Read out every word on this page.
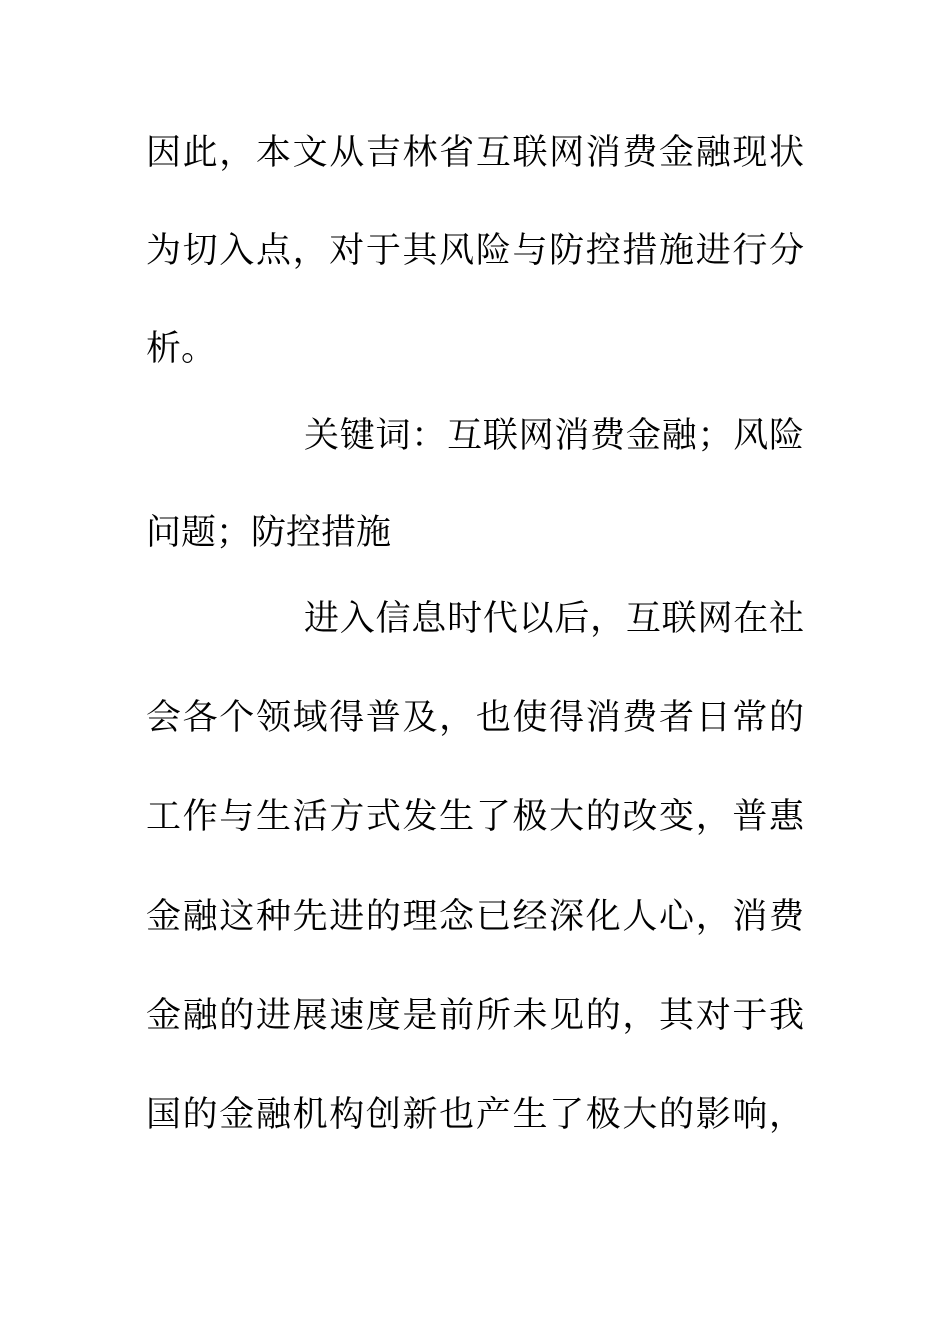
因此，本文从吉林省互联网消费金融现状
为切入点，对于其风险与防控措施进行分
析。
关键词：互联网消费金融；风险
问题；防控措施
进入信息时代以后，互联网在社
会各个领域得普及，也使得消费者日常的
工作与生活方式发生了极大的改变，普惠
金融这种先进的理念已经深化人心，消费
金融的进展速度是前所未见的，其对于我
国的金融机构创新也产生了极大的影响，
